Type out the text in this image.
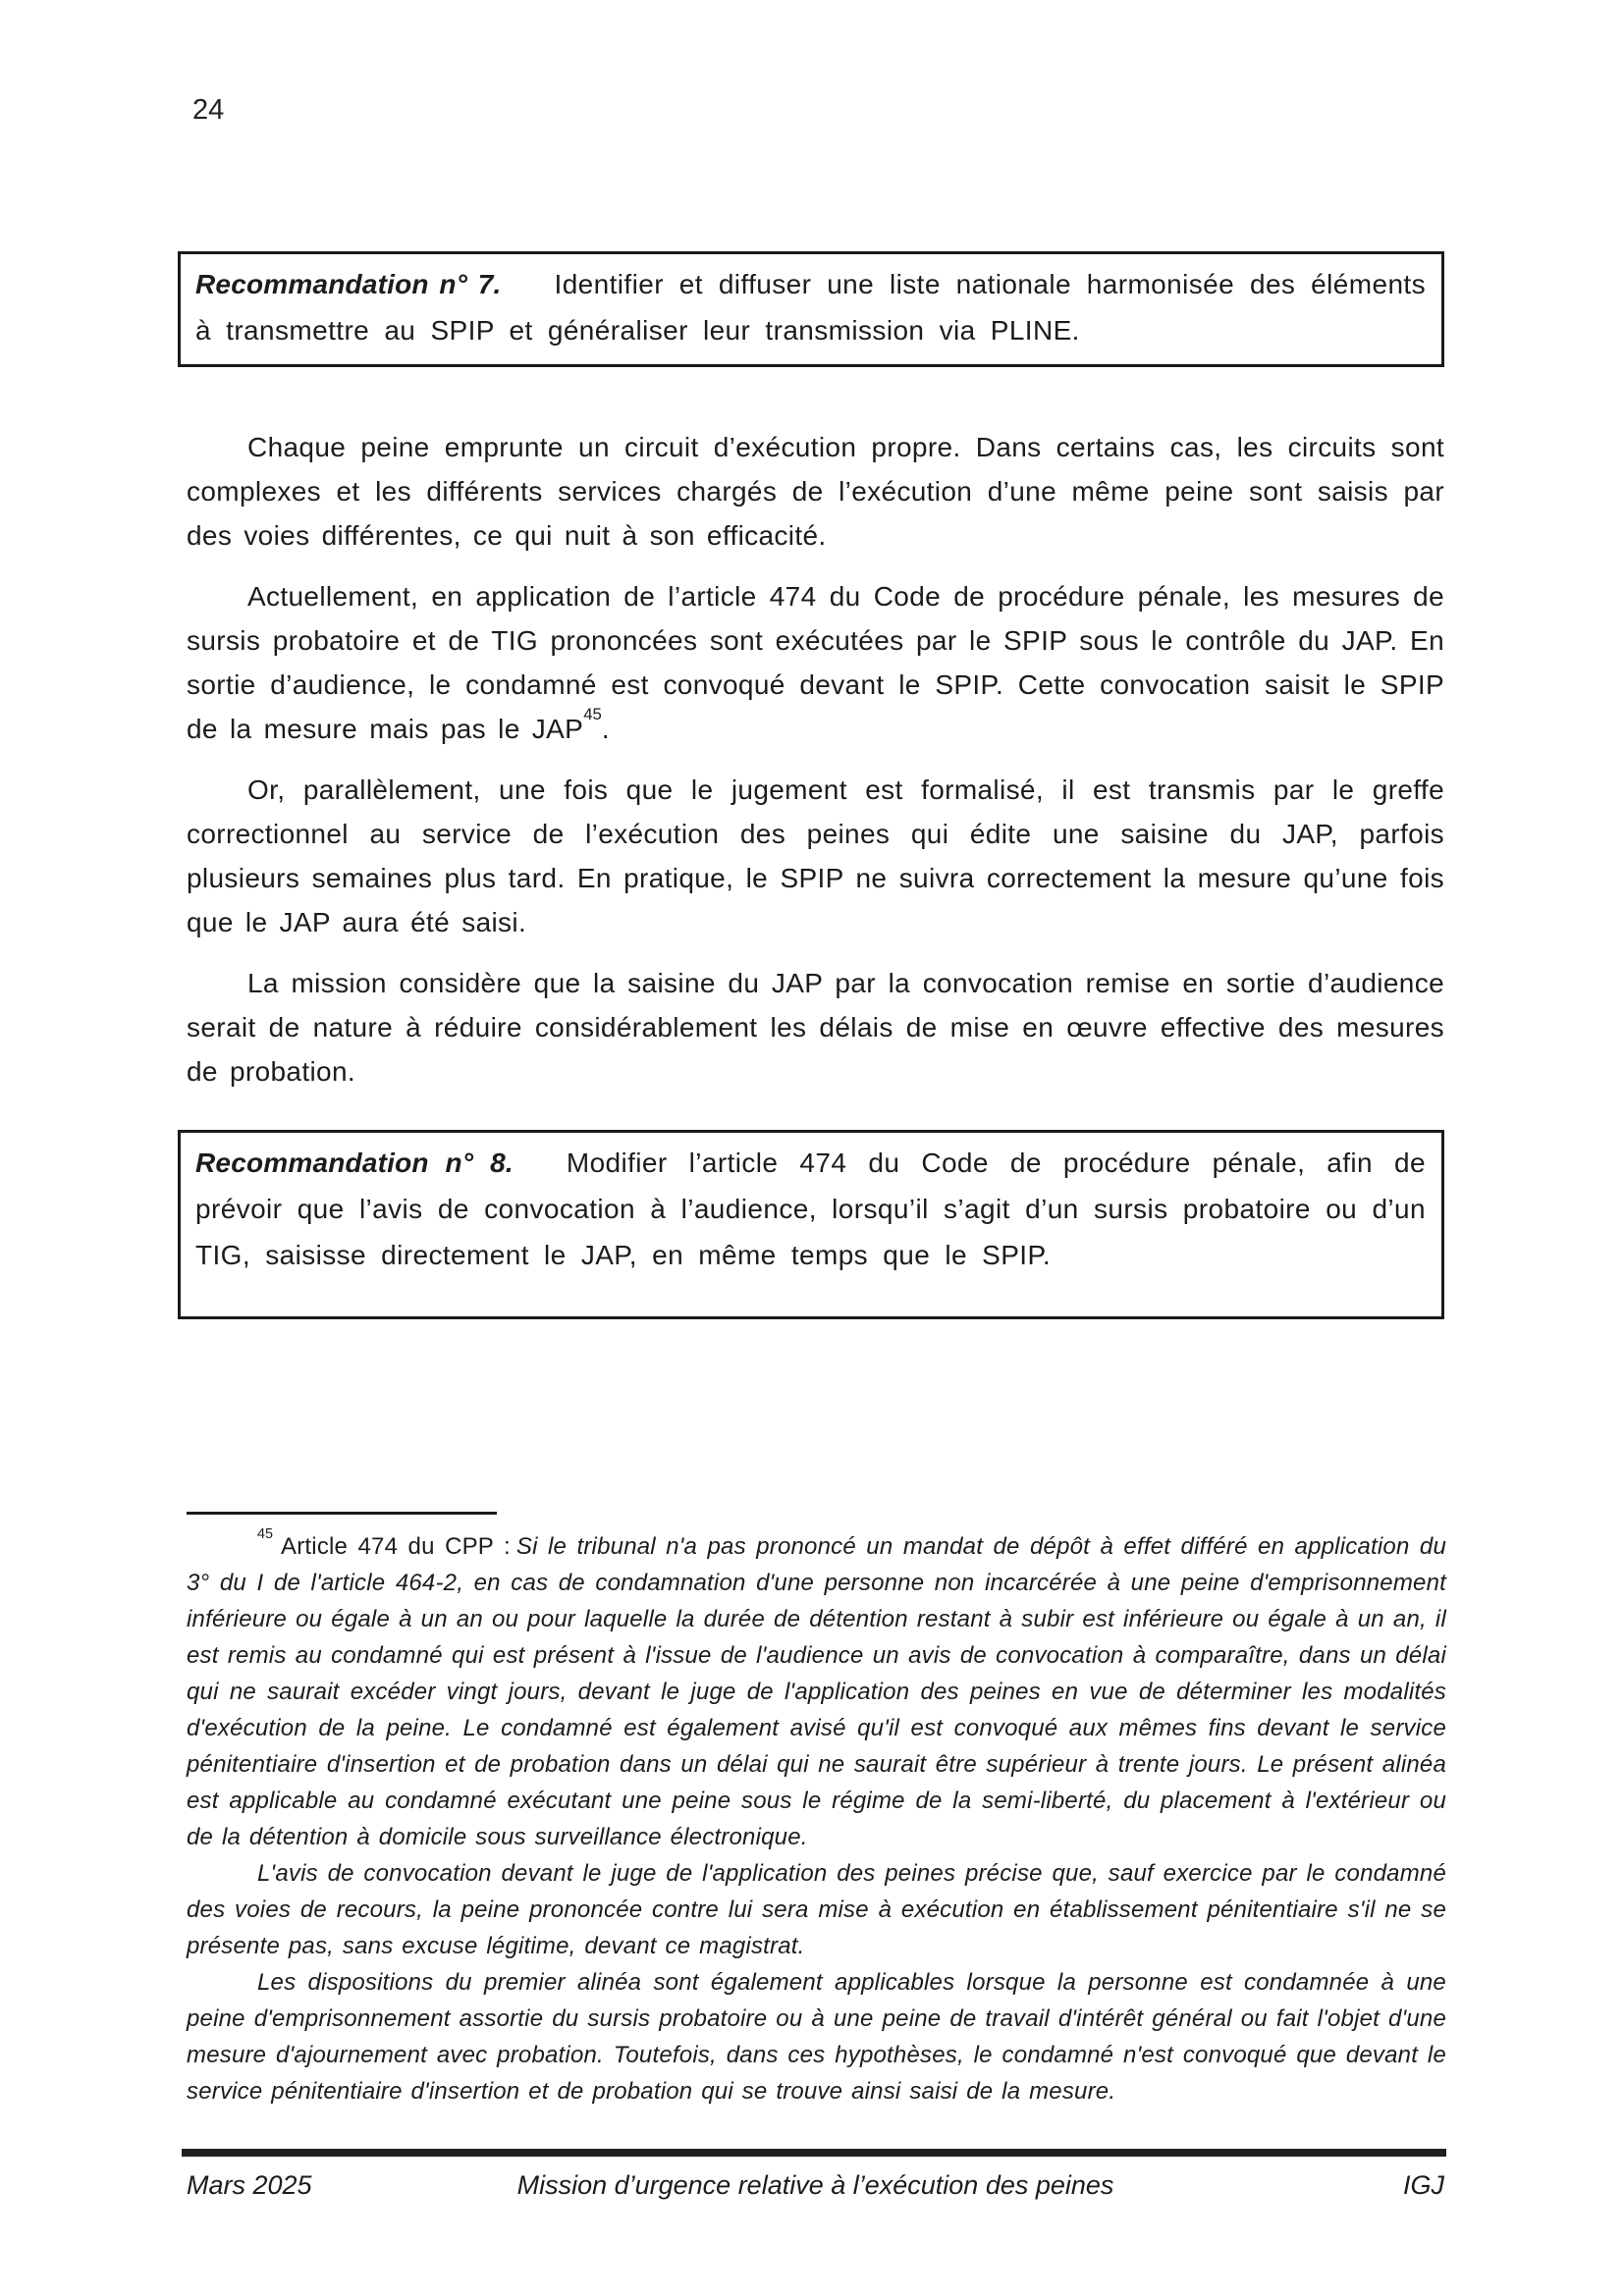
24
Recommandation n° 7. Identifier et diffuser une liste nationale harmonisée des éléments à transmettre au SPIP et généraliser leur transmission via PLINE.

Chaque peine emprunte un circuit d’exécution propre. Dans certains cas, les circuits sont complexes et les différents services chargés de l’exécution d’une même peine sont saisis par des voies différentes, ce qui nuit à son efficacité.

Actuellement, en application de l’article 474 du Code de procédure pénale, les mesures de sursis probatoire et de TIG prononcées sont exécutées par le SPIP sous le contrôle du JAP. En sortie d’audience, le condamné est convoqué devant le SPIP. Cette convocation saisit le SPIP de la mesure mais pas le JAP$^{45}$.

Or, parallèlement, une fois que le jugement est formalisé, il est transmis par le greffe correctionnel au service de l’exécution des peines qui édite une saisine du JAP, parfois plusieurs semaines plus tard. En pratique, le SPIP ne suivra correctement la mesure qu’une fois que le JAP aura été saisi.

La mission considère que la saisine du JAP par la convocation remise en sortie d’audience serait de nature à réduire considérablement les délais de mise en œuvre effective des mesures de probation.

Recommandation n° 8. Modifier l’article 474 du Code de procédure pénale, afin de prévoir que l’avis de convocation à l’audience, lorsqu’il s’agit d’un sursis probatoire ou d’un TIG, saisisse directement le JAP, en même temps que le SPIP.

$^{45}$ Article 474 du CPP : Si le tribunal n'a pas prononcé un mandat de dépôt à effet différé en application du 3° du I de l'article 464-2, en cas de condamnation d'une personne non incarcérée à une peine d'emprisonnement inférieure ou égale à un an ou pour laquelle la durée de détention restant à subir est inférieure ou égale à un an, il est remis au condamné qui est présent à l'issue de l'audience un avis de convocation à comparaître, dans un délai qui ne saurait excéder vingt jours, devant le juge de l'application des peines en vue de déterminer les modalités d'exécution de la peine. Le condamné est également avisé qu'il est convoqué aux mêmes fins devant le service pénitentiaire d'insertion et de probation dans un délai qui ne saurait être supérieur à trente jours. Le présent alinéa est applicable au condamné exécutant une peine sous le régime de la semi-liberté, du placement à l'extérieur ou de la détention à domicile sous surveillance électronique.

L'avis de convocation devant le juge de l'application des peines précise que, sauf exercice par le condamné des voies de recours, la peine prononcée contre lui sera mise à exécution en établissement pénitentiaire s'il ne se présente pas, sans excuse légitime, devant ce magistrat.

Les dispositions du premier alinéa sont également applicables lorsque la personne est condamnée à une peine d'emprisonnement assortie du sursis probatoire ou à une peine de travail d'intérêt général ou fait l'objet d'une mesure d'ajournement avec probation. Toutefois, dans ces hypothèses, le condamné n'est convoqué que devant le service pénitentiaire d'insertion et de probation qui se trouve ainsi saisi de la mesure.

Mars 2025	Mission d’urgence relative à l’exécution des peines	IGJ
